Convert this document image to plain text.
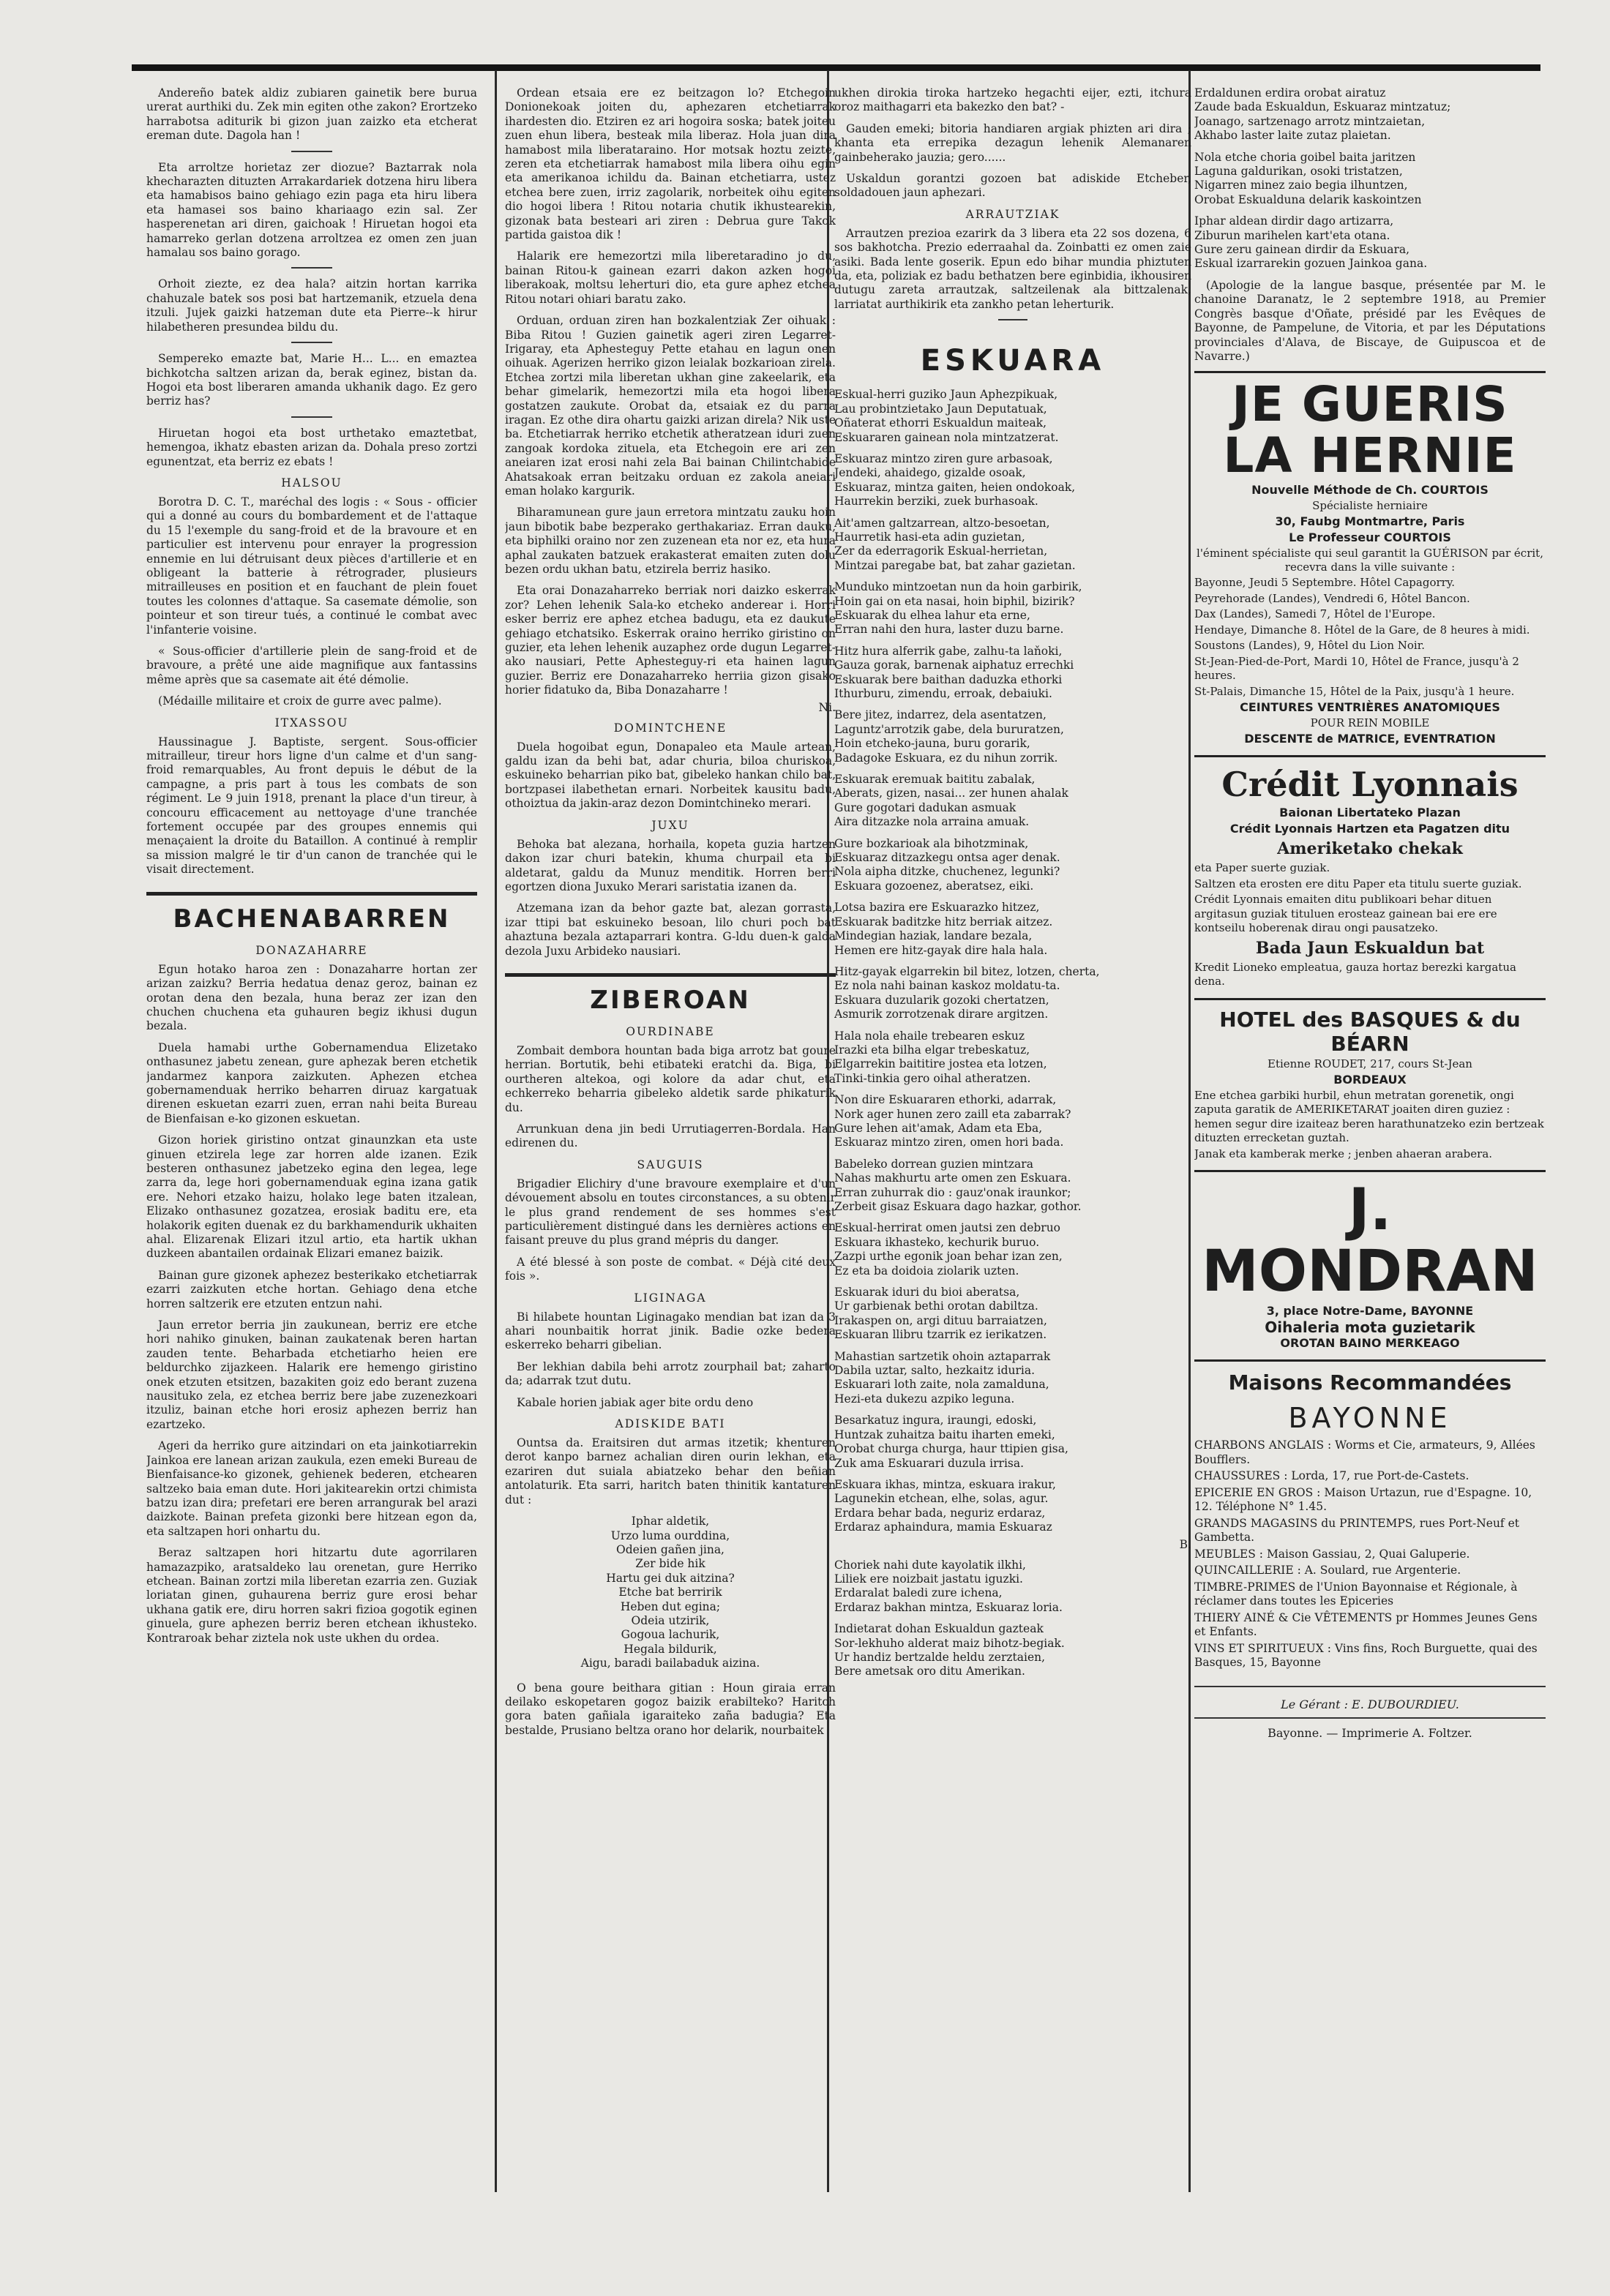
Andereño batek aldiz zubiaren gainetik bere burua urerat aurthiki du. Zek min egiten othe zakon? Erortzeko harrabotsa aditurik bi gizon juan zaizko eta etcherat ereman dute. Dagola han !

Eta arroltze horietaz zer diozue? Baztarrak nola khecharazten dituzten Arrakardariek dotzena hiru libera eta hamabisos baino gehiago ezin paga eta hiru libera eta hamasei sos baino khariaago ezin sal. Zer hasperenetan ari diren, gaichoak ! Hiruetan hogoi eta hamarreko gerlan dotzena arroltzea ez omen zen juan hamalau sos baino gorago.

Orhoit ziezte, ez dea hala? aitzin hortan karrika chahuzale batek sos posi bat hartzemanik, etzuela dena itzuli. Jujek gaizki hatzeman dute eta Pierre--k hirur hilabetheren presundea bildu du.

Sempereko emazte bat, Marie H... L... en emaztea bichkotcha saltzen arizan da, berak eginez, bistan da. Hogoi eta bost liberaren amanda ukhanik dago. Ez gero berriz has?

Hiruetan hogoi eta bost urthetako emaztetbat, hemengoa, ikhatz ebasten arizan da. Dohala preso zortzi egunentzat, eta berriz ez ebats !

HALSOU

Borotra D. C. T., maréchal des logis : « Sous - officier qui a donné au cours du bombardement et de l'attaque du 15 l'exemple du sang-froid et de la bravoure et en particulier est intervenu pour enrayer la progression ennemie en lui détruisant deux pièces d'artillerie et en obligeant la batterie à rétrograder, plusieurs mitrailleuses en position et en fauchant de plein fouet toutes les colonnes d'attaque. Sa casemate démolie, son pointeur et son tireur tués, a continué le combat avec l'infanterie voisine.

« Sous-officier d'artillerie plein de sang-froid et de bravoure, a prêté une aide magnifique aux fantassins même après que sa casemate ait été démolie.

(Médaille militaire et croix de gurre avec palme).

ITXASSOU

Haussinague J. Baptiste, sergent. Sous-officier mitrailleur, tireur hors ligne d'un calme et d'un sang-froid remarquables, Au front depuis le début de la campagne, a pris part à tous les combats de son régiment. Le 9 juin 1918, prenant la place d'un tireur, à concouru efficacement au nettoyage d'une tranchée fortement occupée par des groupes ennemis qui menaçaient la droite du Bataillon. A continué à remplir sa mission malgré le tir d'un canon de tranchée qui le visait directement.

BACHENABARREN
DONAZAHARRE

Egun hotako haroa zen : Donazaharre hortan zer arizan zaizku? Berria hedatua denaz geroz, bainan ez orotan dena den bezala, huna beraz zer izan den chuchen chuchena eta guhauren begiz ikhusi dugun bezala.

Duela hamabi urthe Gobernamendua Elizetako onthasunez jabetu zenean, gure aphezak beren etchetik jandarmez kanpora zaizkuten. Aphezen etchea gobernamenduak herriko beharren diruaz kargatuak direnen eskuetan ezarri zuen, erran nahi beita Bureau de Bienfaisan e-ko gizonen eskuetan.

Gizon horiek giristino ontzat ginaunzkan eta uste ginuen etzirela lege zar horren alde izanen. Ezik besteren onthasunez jabetzeko egina den legea, lege zarra da, lege hori gobernamenduak egina izana gatik ere. Nehori etzako haizu, holako lege baten itzalean, Elizako onthasunez gozatzea, erosiak baditu ere, eta holakorik egiten duenak ez du barkhamendurik ukhaiten ahal. Elizarenak Elizari itzul artio, eta hartik ukhan duzkeen abantailen ordainak Elizari emanez baizik.

Bainan gure gizonek aphezez besterikako etchetiarrak ezarri zaizkuten etche hortan. Gehiago dena etche horren saltzerik ere etzuten entzun nahi.

Jaun erretor berria jin zaukunean, berriz ere etche hori nahiko ginuken, bainan zaukatenak beren hartan zauden tente. Beharbada etchetiarho heien ere beldurchko zijazkeen. Halarik ere hemengo giristino onek etzuten etsitzen, bazakiten goiz edo berant zuzena nausituko zela, ez etchea berriz bere jabe zuzenezkoari itzuliz, bainan etche hori erosiz aphezen berriz han ezartzeko.

Ageri da herriko gure aitzindari on eta jainkotiarrekin Jainkoa ere lanean arizan zaukula, ezen emeki Bureau de Bienfaisance-ko gizonek, gehienek bederen, etchearen saltzeko baia eman dute. Hori jakitearekin ortzi chimista batzu izan dira; prefetari ere beren arrangurak bel arazi daizkote. Bainan prefeta gizonki bere hitzean egon da, eta saltzapen hori onhartu du.

Beraz saltzapen hori hitzartu dute agorrilaren hamazazpiko, aratsaldeko lau orenetan, gure Herriko etchean. Bainan zortzi mila liberetan ezarria zen. Guziak loriatan ginen, guhaurena berriz gure erosi behar ukhana gatik ere, diru horren sakri fizioa gogotik eginen ginuela, gure aphezen berriz beren etchean ikhusteko. Kontraroak behar ziztela nok uste ukhen du ordea.

Ordean etsaia ere ez beitzagon lo? Etchegoin Donionekoak joiten du, aphezaren etchetiarrak ihardesten dio. Etziren ez ari hogoira soska; batek joiteu zuen ehun libera, besteak mila liberaz. Hola juan dira hamabost mila liberataraino. Hor motsak hoztu zeizte, zeren eta etchetiarrak hamabost mila libera oihu egin eta amerikanoa ichildu da. Bainan etchetiarra, ustez etchea bere zuen, irriz zagolarik, norbeitek oihu egiten dio hogoi libera ! Ritou notaria chutik ikhustearekin, gizonak bata besteari ari ziren : Debrua gure Takok partida gaistoa dik !

Halarik ere hemezortzi mila liberetaradino jo du, bainan Ritou-k gainean ezarri dakon azken hogoi liberakoak, moltsu leherturi dio, eta gure aphez etchea Ritou notari ohiari baratu zako.

Orduan, orduan ziren han bozkalentziak Zer oihuak : Biba Ritou ! Guzien gainetik ageri ziren Legarret-Irigaray, eta Aphesteguy Pette etahau en lagun onen oihuak. Agerizen herriko gizon leialak bozkarioan zirela. Etchea zortzi mila liberetan ukhan gine zakeelarik, eta behar gimelarik, hemezortzi mila eta hogoi libera gostatzen zaukute. Orobat da, etsaiak ez du parra iragan. Ez othe dira ohartu gaizki arizan direla? Nik uste ba. Etchetiarrak herriko etchetik atheratzean iduri zuen zangoak kordoka zituela, eta Etchegoin ere ari zen aneiaren izat erosi nahi zela Bai bainan Chilintchabide Ahatsakoak erran beitzaku orduan ez zakola aneiari eman holako kargurik.

Biharamunean gure jaun erretora mintzatu zauku hoin jaun bibotik babe bezperako gerthakariaz. Erran dauku, eta biphilki oraino nor zen zuzenean eta nor ez, eta hura aphal zaukaten batzuek erakasterat emaiten zuten dolu bezen ordu ukhan batu, etzirela berriz hasiko.

Eta orai Donazaharreko berriak nori daizko eskerrak zor? Lehen lehenik Sala-ko etcheko anderear i. Horri esker berriz ere aphez etchea badugu, eta ez daukute gehiago etchatsiko. Eskerrak oraino herriko giristino on guzier, eta lehen lehenik auzaphez orde dugun Legarret-ako nausiari, Pette Aphesteguy-ri eta hainen lagun guzier. Berriz ere Donazaharreko herriia gizon gisako horier fidatuko da, Biba Donazaharre !

Ni.
DOMINTCHENE

Duela hogoibat egun, Donapaleo eta Maule artean, galdu izan da behi bat, adar churia, biloa churiskoa, eskuineko beharrian piko bat, gibeleko hankan chilo bat, bortzpasei ilabethetan ernari. Norbeitek kausitu badu, othoiztua da jakin-araz dezon Domintchineko merari.

JUXU

Behoka bat alezana, horhaila, kopeta guzia hartzen dakon izar churi batekin, khuma churpail eta bi aldetarat, galdu da Munuz menditik. Horren berri egortzen diona Juxuko Merari saristatia izanen da.

Atzemana izan da behor gazte bat, alezan gorrasta, izar ttipi bat eskuineko besoan, lilo churi poch bat ahaztuna bezala aztaparrari kontra. G-ldu duen-k galda dezola Juxu Arbideko nausiari.

ZIBEROAN
OURDINABE

Zombait dembora hountan bada biga arrotz bat goure herrian. Bortutik, behi etibateki eratchi da. Biga, bi ourtheren altekoa, ogi kolore da adar chut, eta echkerreko beharria gibeleko aldetik sarde phikaturik du.

Arrunkuan dena jin bedi Urrutiagerren-Bordala. Han edirenen du.

SAUGUIS

Brigadier Elichiry d'une bravoure exemplaire et d'un dévouement absolu en toutes circonstances, a su obtenir le plus grand rendement de ses hommes s'est particulièrement distingué dans les dernières actions en faisant preuve du plus grand mépris du danger.

A été blessé à son poste de combat. « Déjà cité deux fois ».

LIGINAGA

Bi hilabete hountan Liginagako mendian bat izan da 3 ahari nounbaitik horrat jinik. Badie ozke bedera eskerreko beharri gibelian.

Ber lekhian dabila behi arrotz zourphail bat; zaharto da; adarrak tzut dutu.

Kabale horien jabiak ager bite ordu deno

ADISKIDE BATI

Ountsa da. Eraitsiren dut armas itzetik; khenturen derot kanpo barnez achalian diren ourin lekhan, eta ezariren dut suiala abiatzeko behar den beñian antolaturik. Eta sarri, haritch baten thinitik kantaturen dut :

Iphar aldetik,
Urzo luma ourddina,
Odeien gañen jina,
Zer bide hik
Hartu gei duk aitzina?
Etche bat berririk
Heben dut egina;
Odeia utzirik,
Gogoua lachurik,
Hegala bildurik,
Aigu, baradi bailabaduk aizina.

O bena goure beithara gitian : Houn giraia erran deilako eskopetaren gogoz baizik erabilteko? Haritch gora baten gañiala igaraiteko zaña badugia? Eta bestalde, Prusiano beltza orano hor delarik, nourbaitek

ukhen dirokia tiroka hartzeko hegachti eijer, ezti, itchura oroz maithagarri eta bakezko den bat? -

Gauden emeki; bitoria handiaren argiak phizten ari dira ; khanta eta errepika dezagun lehenik Alemanaren gainbeherako jauzia; gero......

Uskaldun gorantzi gozoen bat adiskide Etcheber, soldadouen jaun aphezari.

ARRAUTZIAK

Arrautzen prezioa ezarirk da 3 libera eta 22 sos dozena, 6 sos bakhotcha. Prezio ederraahal da. Zoinbatti ez omen zaie asiki. Bada lente goserik. Epun edo bihar mundia phiztuten da, eta, poliziak ez badu bethatzen bere eginbidia, ikhousiren dutugu zareta arrautzak, saltzeilenak ala bittzalenak, larriatat aurthikirik eta zankho petan leherturik.

ESKUARA

Eskual-herri guziko Jaun Aphezpikuak,
Lau probintzietako Jaun Deputatuak,
Oñaterat ethorri Eskualdun maiteak,
Eskuararen gainean nola mintzatzerat.

Eskuaraz mintzo ziren gure arbasoak,
Jendeki, ahaidego, gizalde osoak,
Eskuaraz, mintza gaiten, heien ondokoak,
Haurrekin berziki, zuek burhasoak.

Ait'amen galtzarrean, altzo-besoetan,
Haurretik hasi-eta adin guzietan,
Zer da ederragorik Eskual-herrietan,
Mintzai paregabe bat, bat zahar gazietan.

Munduko mintzoetan nun da hoin garbirik,
Hoin gai on eta nasai, hoin biphil, bizirik?
Eskuarak du elhea lahur eta erne,
Erran nahi den hura, laster duzu barne.

Hitz hura alferrik gabe, zalhu-ta laňoki,
Gauza gorak, barnenak aiphatuz errechki
Eskuarak bere baithan daduzka ethorki
Ithurburu, zimendu, erroak, debaiuki.

Bere jitez, indarrez, dela asentatzen,
Laguntz'arrotzik gabe, dela bururatzen,
Hoin etcheko-jauna, buru gorarik,
Badagoke Eskuara, ez du nihun zorrik.

Eskuarak eremuak baititu zabalak,
Aberats, gizen, nasai... zer hunen ahalak
Gure gogotari dadukan asmuak
Aira ditzazke nola arraina amuak.

Gure bozkarioak ala bihotzminak,
Eskuaraz ditzazkegu ontsa ager denak.
Nola aipha ditzke, chuchenez, legunki?
Eskuara gozoenez, aberatsez, eiki.

Lotsa bazira ere Eskuarazko hitzez,
Eskuarak baditzke hitz berriak aitzez.
Mindegian haziak, landare bezala,
Hemen ere hitz-gayak dire hala hala.

Hitz-gayak elgarrekin bil bitez, lotzen, cherta,
Ez nola nahi bainan kaskoz moldatu-ta.
Eskuara duzularik gozoki chertatzen,
Asmurik zorrotzenak dirare argitzen.

Hala nola ehaile trebearen eskuz
Irazki eta bilha elgar trebeskatuz,
Elgarrekin baititire jostea eta lotzen,
Tinki-tinkia gero oihal atheratzen.

Non dire Eskuararen ethorki, adarrak,
Nork ager hunen zero zaill eta zabarrak?
Gure lehen ait'amak, Adam eta Eba,
Eskuaraz mintzo ziren, omen hori bada.

Babeleko dorrean guzien mintzara
Nahas makhurtu arte omen zen Eskuara.
Erran zuhurrak dio : gauz'onak iraunkor;
Zerbeit gisaz Eskuara dago hazkar, gothor.

Eskual-herrirat omen jautsi zen debruo
Eskuara ikhasteko, kechurik buruo.
Zazpi urthe egonik joan behar izan zen,
Ez eta ba doidoia ziolarik uzten.

Eskuarak iduri du bioi aberatsa,
Ur garbienak bethi orotan dabiltza.
Irakaspen on, argi dituu barraiatzen,
Eskuaran llibru tzarrik ez ierikatzen.

Mahastian sartzetik ohoin aztaparrak
Dabila uztar, salto, hezkaitz iduria.
Eskuarari loth zaite, nola zamalduna,
Hezi-eta dukezu azpiko leguna.

Besarkatuz ingura, iraungi, edoski,
Huntzak zuhaitza baitu iharten emeki,
Orobat churga churga, haur ttipien gisa,
Zuk ama Eskuarari duzula irrisa.

Eskuara ikhas, mintza, eskuara irakur,
Lagunekin etchean, elhe, solas, agur.
Erdara behar bada, neguriz erdaraz,
Erdaraz aphaindura, mamia Eskuaraz

B.

Choriek nahi dute kayolatik ilkhi,
Liliek ere noizbait jastatu iguzki.
Erdaralat baledi zure ichena,
Erdaraz bakhan mintza, Eskuaraz loria.

Indietarat dohan Eskualdun gazteak
Sor-lekhuho alderat maiz bihotz-begiak.
Ur handiz bertzalde heldu zerztaien,
Bere ametsak oro ditu Amerikan.

Erdaldunen erdira orobat airatuz
Zaude bada Eskualdun, Eskuaraz mintzatuz;
Joanago, sartzenago arrotz mintzaietan,
Akhabo laster laite zutaz plaietan.

Nola etche choria goibel baita jaritzen
Laguna galdurikan, osoki tristatzen,
Nigarren minez zaio begia ilhuntzen,
Orobat Eskualduna delarik kaskointzen

Iphar aldean dirdir dago artizarra,
Ziburun marihelen kart'eta otana.
Gure zeru gainean dirdir da Eskuara,
Eskual izarrarekin gozuen Jainkoa gana.

(Apologie de la langue basque, présentée par M. le chanoine Daranatz, le 2 septembre 1918, au Premier Congrès basque d'Oñate, présidé par les Evêques de Bayonne, de Pampelune, de Vitoria, et par les Députations provinciales d'Alava, de Biscaye, de Guipuscoa et de Navarre.)

JE GUERIS
LA HERNIE
Nouvelle Méthode de Ch. COURTOIS
Spécialiste herniaire
30, Faubg Montmartre, Paris
Le Professeur COURTOIS
l'éminent spécialiste qui seul garantit la GUÉRISON par écrit, recevra dans la ville suivante :
Bayonne, Jeudi 5 Septembre. Hôtel Capagorry.
Peyrehorade (Landes), Vendredi 6, Hôtel Bancon.
Dax (Landes), Samedi 7, Hôtel de l'Europe.
Hendaye, Dimanche 8. Hôtel de la Gare, de 8 heures à midi.
Soustons (Landes), 9, Hôtel du Lion Noir.
St-Jean-Pied-de-Port, Mardi 10, Hôtel de France, jusqu'à 2 heures.
St-Palais, Dimanche 15, Hôtel de la Paix, jusqu'à 1 heure.
CEINTURES VENTRIÈRES ANATOMIQUES
POUR REIN MOBILE
DESCENTE de MATRICE, EVENTRATION
Crédit Lyonnais
Baionan Libertateko Plazan
Crédit Lyonnais Hartzen eta Pagatzen ditu
Ameriketako chekak
eta Paper suerte guziak.
Saltzen eta erosten ere ditu Paper eta titulu suerte guziak.
Crédit Lyonnais emaiten ditu publikoari behar dituen argitasun guziak tituluen erosteaz gainean bai ere ere kontseilu hoberenak dirau ongi pausatzeko.
Bada Jaun Eskualdun bat
Kredit Lioneko empleatua, gauza hortaz berezki kargatua dena.
HOTEL des BASQUES & du BÉARN
Etienne ROUDET, 217, cours St-Jean
BORDEAUX
Ene etchea garbiki hurbil, ehun metratan gorenetik, ongi zaputa garatik de AMERIKETARAT joaiten diren guziez : hemen segur dire izaiteaz beren harathunatzeko ezin bertzeak dituzten errecketan guztah.
Janak eta kamberak merke ; jenben ahaeran arabera.
J. MONDRAN
3, place Notre-Dame, BAYONNE
Oihaleria mota guzietarik
OROTAN BAINO MERKEAGO
Maisons Recommandées
BAYONNE
CHARBONS ANGLAIS : Worms et Cie, armateurs, 9, Allées Boufflers.
CHAUSSURES : Lorda, 17, rue Port-de-Castets.
EPICERIE EN GROS : Maison Urtazun, rue d'Espagne. 10, 12. Téléphone N° 1.45.
GRANDS MAGASINS du PRINTEMPS, rues Port-Neuf et Gambetta.
MEUBLES : Maison Gassiau, 2, Quai Galuperie.
QUINCAILLERIE : A. Soulard, rue Argenterie.
TIMBRE-PRIMES de l'Union Bayonnaise et Régionale, à réclamer dans toutes les Epiceries
THIERY AINÉ & Cie VÊTEMENTS pr Hommes Jeunes Gens et Enfants.
VINS ET SPIRITUEUX : Vins fins, Roch Burguette, quai des Basques, 15, Bayonne
Le Gérant : E. DUBOURDIEU.
Bayonne. — Imprimerie A. Foltzer.
